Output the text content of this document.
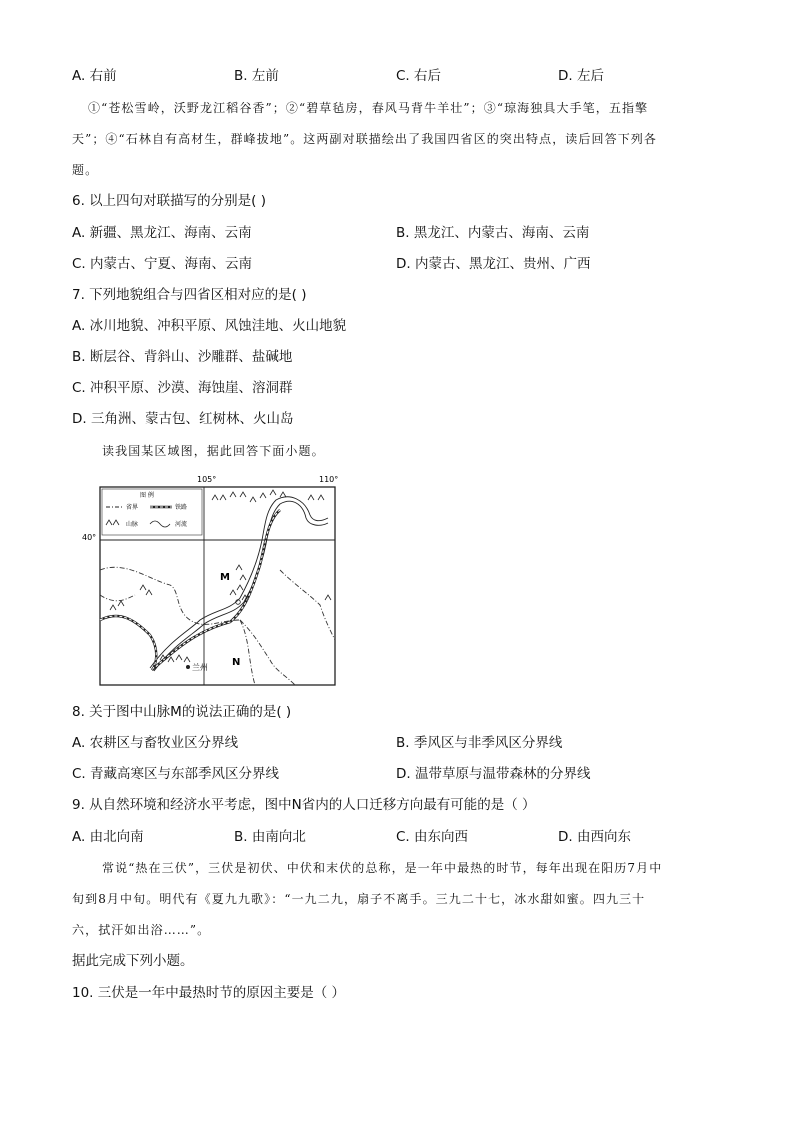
A. 右前	B. 左前	C. 右后	D. 左后
①“苍松雪岭，沃野龙江稻谷香”；②“碧草毡房，春风马背牛羊壮”；③“琼海独具大手笔，五指擎
天”；④“石林自有高材生，群峰拔地”。这两副对联描绘出了我国四省区的突出特点，读后回答下列各
题。
6. 以上四句对联描写的分别是( )
A. 新疆、黑龙江、海南、云南	B. 黑龙江、内蒙古、海南、云南
C. 内蒙古、宁夏、海南、云南	D. 内蒙古、黑龙江、贵州、广西
7. 下列地貌组合与四省区相对应的是( )
A. 冰川地貌、冲积平原、风蚀洼地、火山地貌
B. 断层谷、背斜山、沙雕群、盐碱地
C. 冲积平原、沙漠、海蚀崖、溶洞群
D. 三角洲、蒙古包、红树林、火山岛
读我国某区域图，据此回答下面小题。
105°	110°
40°
图 例
省界	铁路
山脉	河流
M
N
兰州
8. 关于图中山脉M的说法正确的是( )
A. 农耕区与畜牧业区分界线	B. 季风区与非季风区分界线
C. 青藏高寒区与东部季风区分界线	D. 温带草原与温带森林的分界线
9. 从自然环境和经济水平考虑，图中N省内的人口迁移方向最有可能的是（ ）
A. 由北向南	B. 由南向北	C. 由东向西	D. 由西向东
常说“热在三伏”，三伏是初伏、中伏和末伏的总称，是一年中最热的时节，每年出现在阳历7月中
旬到8月中旬。明代有《夏九九歌》：“一九二九，扇子不离手。三九二十七，冰水甜如蜜。四九三十
六，拭汗如出浴……”。
据此完成下列小题。
10. 三伏是一年中最热时节的原因主要是（ ）
